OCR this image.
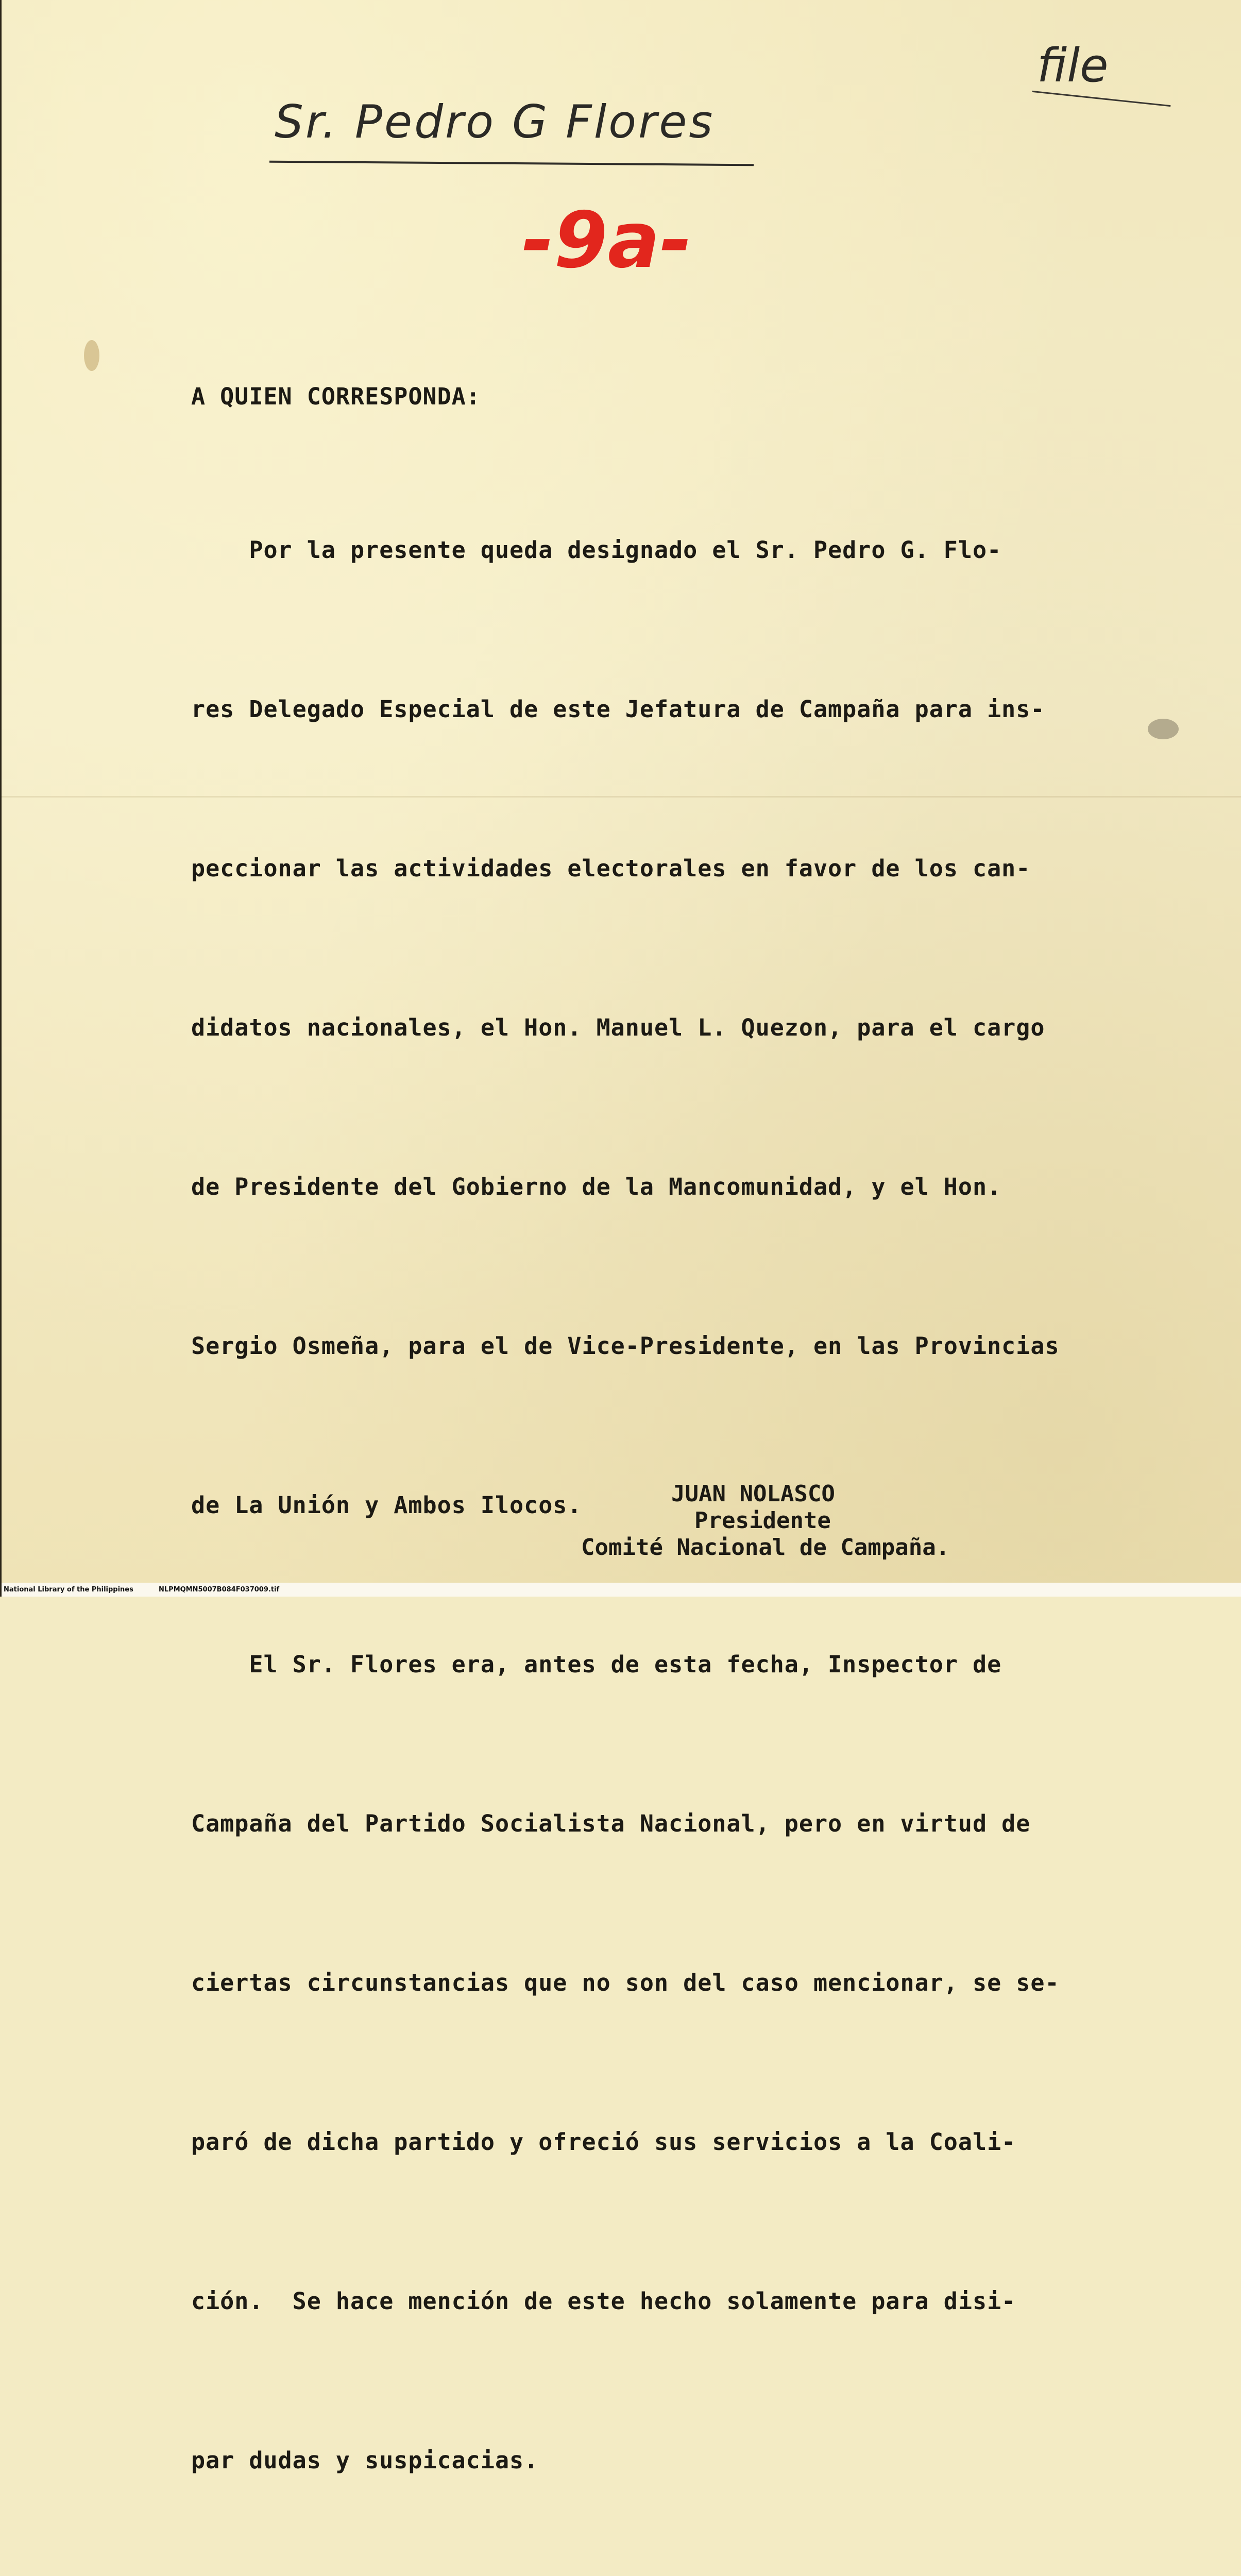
Sr. Pedro G Flores
file
-9a-
A QUIEN CORRESPONDA:

Por la presente queda designado el Sr. Pedro G. Flo-

res Delegado Especial de este Jefatura de Campaña para ins-

peccionar las actividades electorales en favor de los can-

didatos nacionales, el Hon. Manuel L. Quezon, para el cargo

de Presidente del Gobierno de la Mancomunidad, y el Hon.

Sergio Osmeña, para el de Vice-Presidente, en las Provincias

de La Unión y Ambos Ilocos.

El Sr. Flores era, antes de esta fecha, Inspector de

Campaña del Partido Socialista Nacional, pero en virtud de

ciertas circunstancias que no son del caso mencionar, se se-

paró de dicha partido y ofreció sus servicios a la Coali-

ción.  Se hace mención de este hecho solamente para disi-

par dudas y suspicacias.

JUAN NOLASCO
Presidente
Comité Nacional de Campaña.
National Library of the Philippines	NLPMQMN5007B084F037009.tif
